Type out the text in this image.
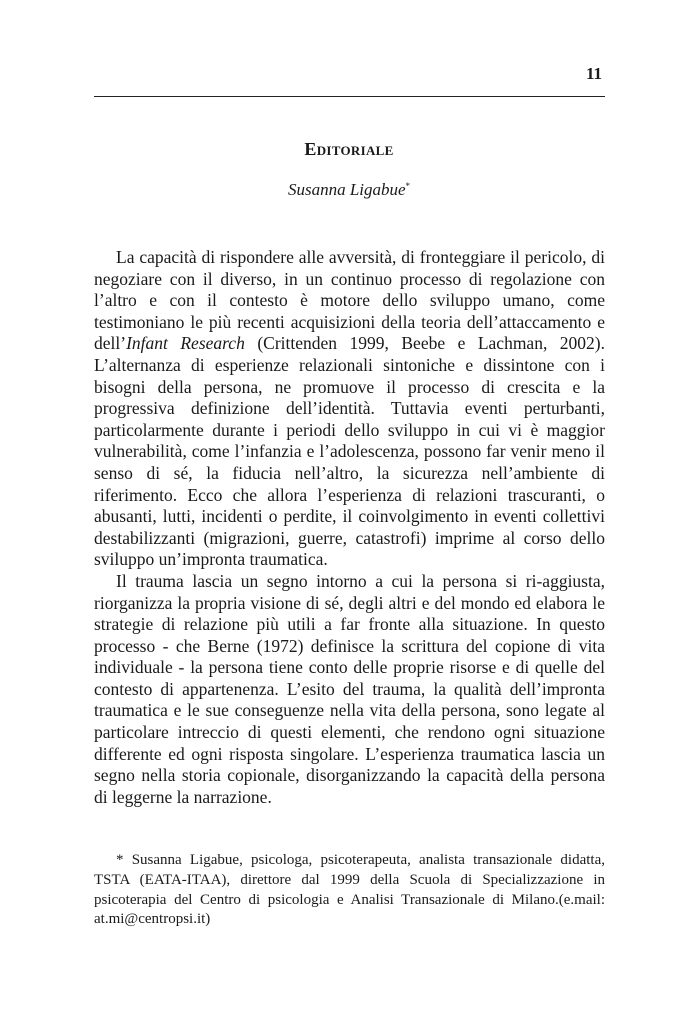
11
Editoriale
Susanna Ligabue*

La capacità di rispondere alle avversità, di fronteggiare il pericolo, di negoziare con il diverso, in un continuo processo di regolazione con l’altro e con il contesto è motore dello sviluppo umano, come testimoniano le più recenti acquisizioni della teoria dell’attaccamento e dell’Infant Research (Crittenden 1999, Beebe e Lachman, 2002). L’alternanza di esperienze relazionali sintoniche e dissintone con i bisogni della persona, ne promuove il processo di crescita e la progressiva definizione dell’identità. Tuttavia eventi perturbanti, particolarmente durante i periodi dello sviluppo in cui vi è maggior vulnerabilità, come l’infanzia e l’adolescenza, possono far venir meno il senso di sé, la fiducia nell’altro, la sicurezza nell’ambiente di riferimento. Ecco che allora l’esperienza di relazioni trascuranti, o abusanti, lutti, incidenti o perdite, il coinvolgimento in eventi collettivi destabilizzanti (migrazioni, guerre, catastrofi) imprime al corso dello sviluppo un’impronta traumatica.

Il trauma lascia un segno intorno a cui la persona si ri-aggiusta, riorganizza la propria visione di sé, degli altri e del mondo ed elabora le strategie di relazione più utili a far fronte alla situazione. In questo processo - che Berne (1972) definisce la scrittura del copione di vita individuale - la persona tiene conto delle proprie risorse e di quelle del contesto di appartenenza. L’esito del trauma, la qualità dell’impronta traumatica e le sue conseguenze nella vita della persona, sono legate al particolare intreccio di questi elementi, che rendono ogni situazione differente ed ogni risposta singolare. L’esperienza traumatica lascia un segno nella storia copionale, disorganizzando la capacità della persona di leggerne la narrazione.

* Susanna Ligabue, psicologa, psicoterapeuta, analista transazionale didatta, TSTA (EATA-ITAA), direttore dal 1999 della Scuola di Specializzazione in psicoterapia del Centro di psicologia e Analisi Transazionale di Milano.(e.mail: at.mi@centropsi.it)
